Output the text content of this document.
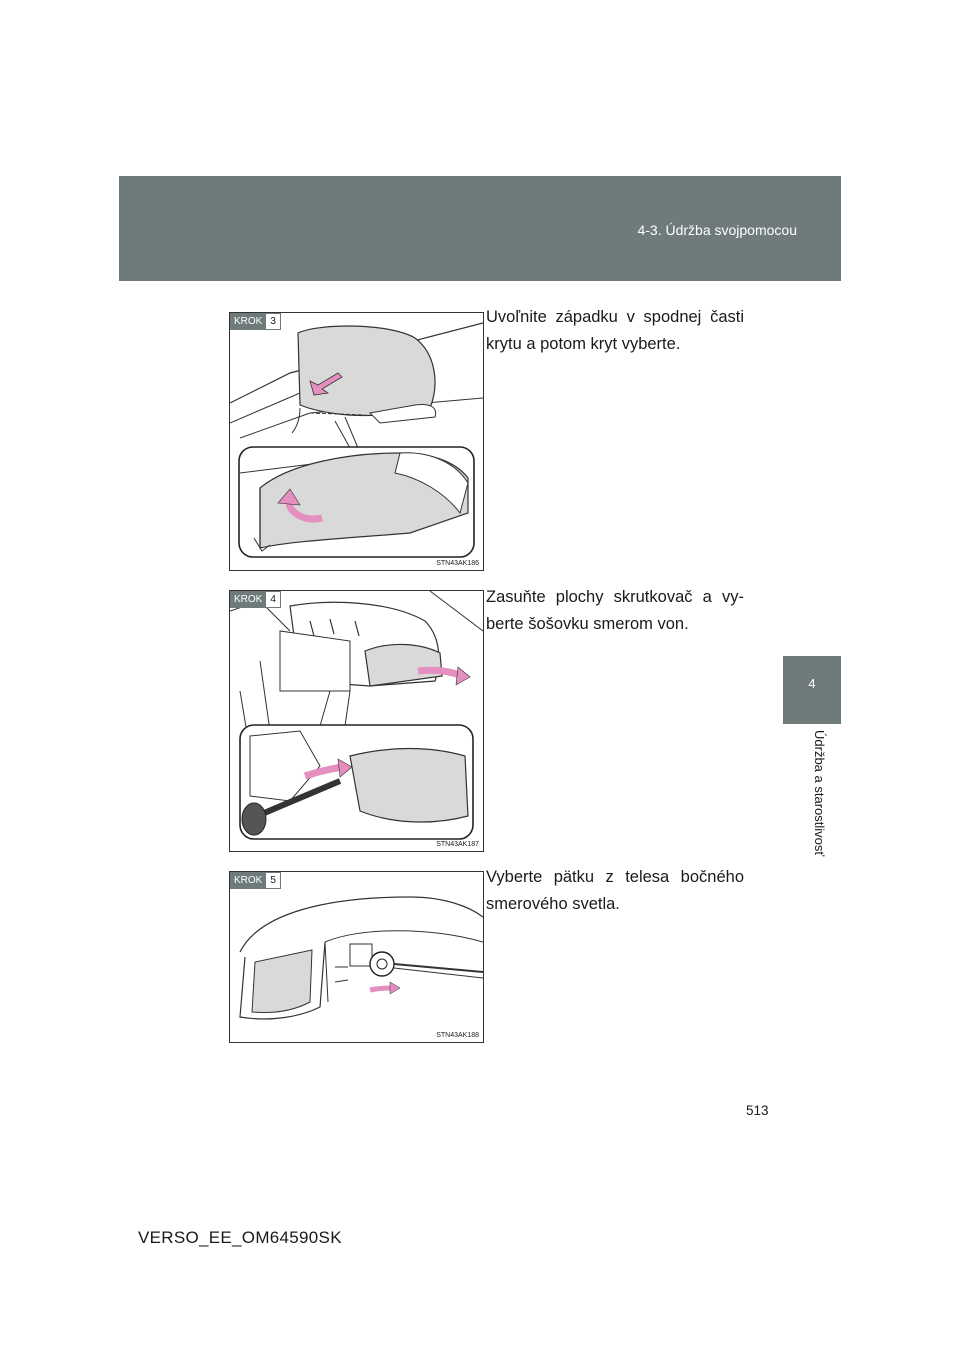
4-3. Údržba svojpomocou
4
Údržba a starostlivosť
KROK 3
STN43AK186
Uvoľnite západku v spodnej časti krytu a potom kryt vyberte.
KROK 4
STN43AK187
Zasuňte plochy skrutkovač a vy-berte šošovku smerom von.
KROK 5
STN43AK188
Vyberte pätku z telesa bočného smerového svetla.
513
VERSO_EE_OM64590SK
